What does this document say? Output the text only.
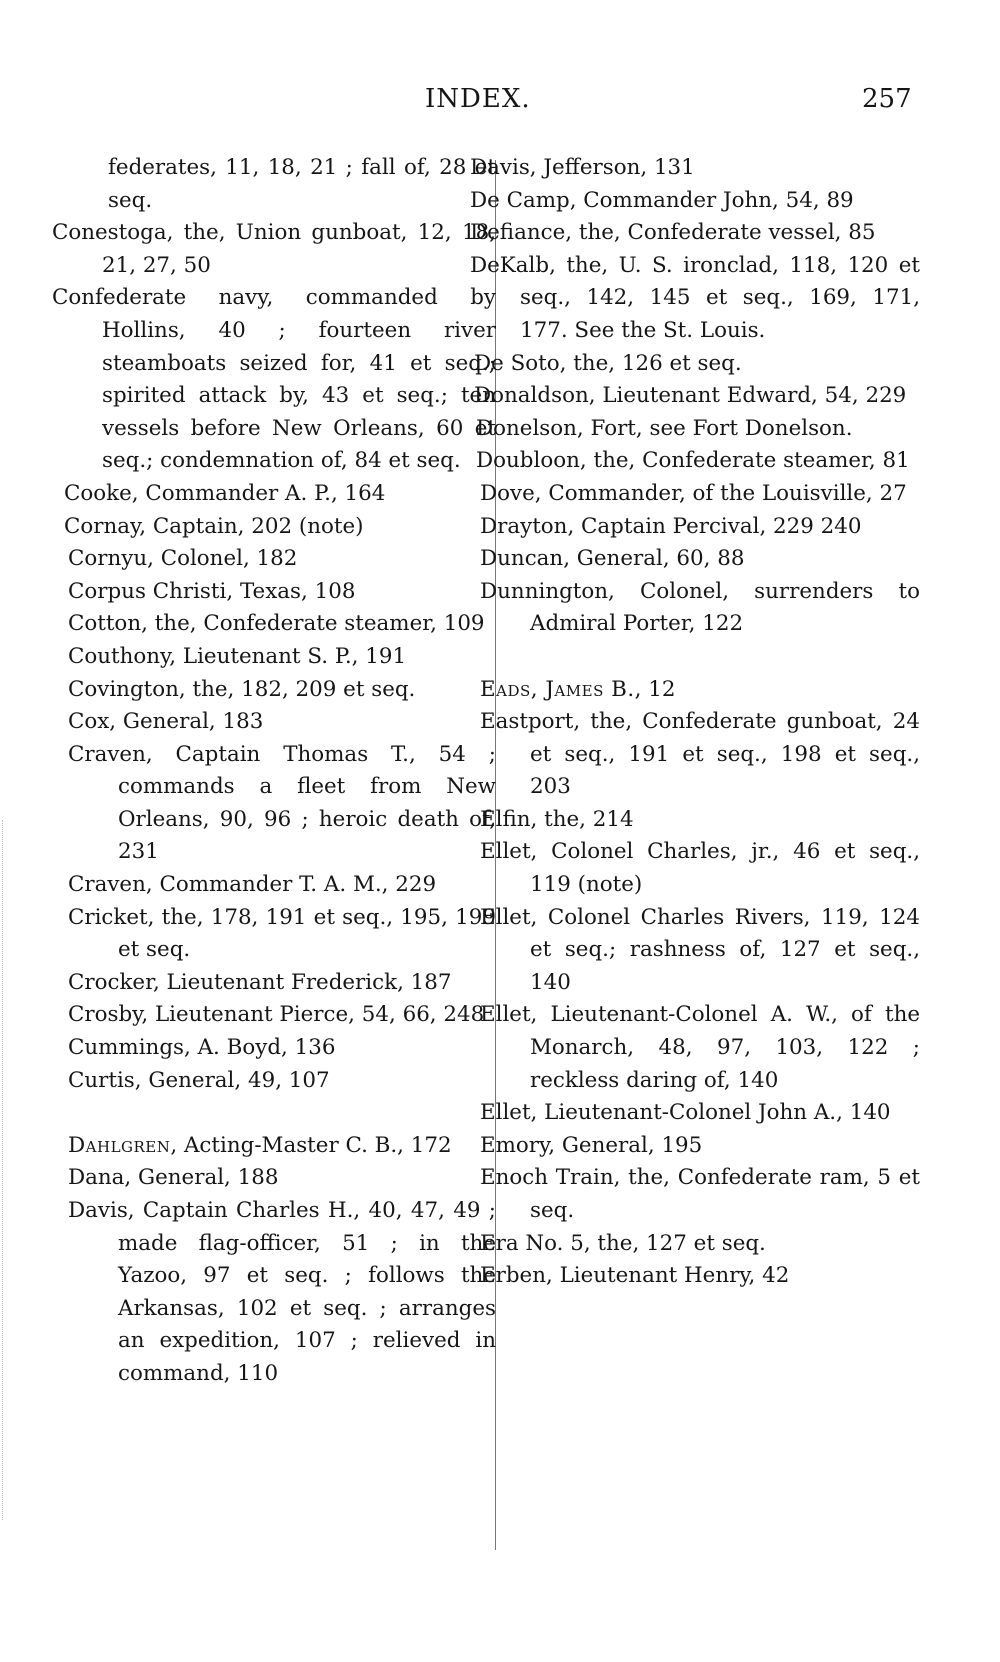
INDEX.	257

federates, 11, 18, 21 ; fall of, 28 et seq.

Conestoga, the, Union gunboat, 12, 18, 21, 27, 50

Confederate navy, commanded by Hollins, 40 ; fourteen river steamboats seized for, 41 et seq.; spirited attack by, 43 et seq.; ten vessels before New Orleans, 60 et seq.; condemnation of, 84 et seq.

Cooke, Commander A. P., 164

Cornay, Captain, 202 (note)

Cornyu, Colonel, 182

Corpus Christi, Texas, 108

Cotton, the, Confederate steamer, 109

Couthony, Lieutenant S. P., 191

Covington, the, 182, 209 et seq.

Cox, General, 183

Craven, Captain Thomas T., 54 ; commands a fleet from New Orleans, 90, 96 ; heroic death of, 231

Craven, Commander T. A. M., 229

Cricket, the, 178, 191 et seq., 195, 199 et seq.

Crocker, Lieutenant Frederick, 187

Crosby, Lieutenant Pierce, 54, 66, 248

Cummings, A. Boyd, 136

Curtis, General, 49, 107

Dahlgren, Acting-Master C. B., 172

Dana, General, 188

Davis, Captain Charles H., 40, 47, 49 ; made flag-officer, 51 ; in the Yazoo, 97 et seq. ; follows the Arkansas, 102 et seq. ; arranges an expedition, 107 ; relieved in command, 110

Davis, Jefferson, 131

De Camp, Commander John, 54, 89

Defiance, the, Confederate vessel, 85

DeKalb, the, U. S. ironclad, 118, 120 et seq., 142, 145 et seq., 169, 171, 177. See the St. Louis.

De Soto, the, 126 et seq.

Donaldson, Lieutenant Edward, 54, 229

Donelson, Fort, see Fort Donelson.

Doubloon, the, Confederate steamer, 81

Dove, Commander, of the Louisville, 27

Drayton, Captain Percival, 229 240

Duncan, General, 60, 88

Dunnington, Colonel, surrenders to Admiral Porter, 122

Eads, James B., 12

Eastport, the, Confederate gunboat, 24 et seq., 191 et seq., 198 et seq., 203

Elfin, the, 214

Ellet, Colonel Charles, jr., 46 et seq., 119 (note)

Ellet, Colonel Charles Rivers, 119, 124 et seq.; rashness of, 127 et seq., 140

Ellet, Lieutenant-Colonel A. W., of the Monarch, 48, 97, 103, 122 ; reckless daring of, 140

Ellet, Lieutenant-Colonel John A., 140

Emory, General, 195

Enoch Train, the, Confederate ram, 5 et seq.

Era No. 5, the, 127 et seq.

Erben, Lieutenant Henry, 42
